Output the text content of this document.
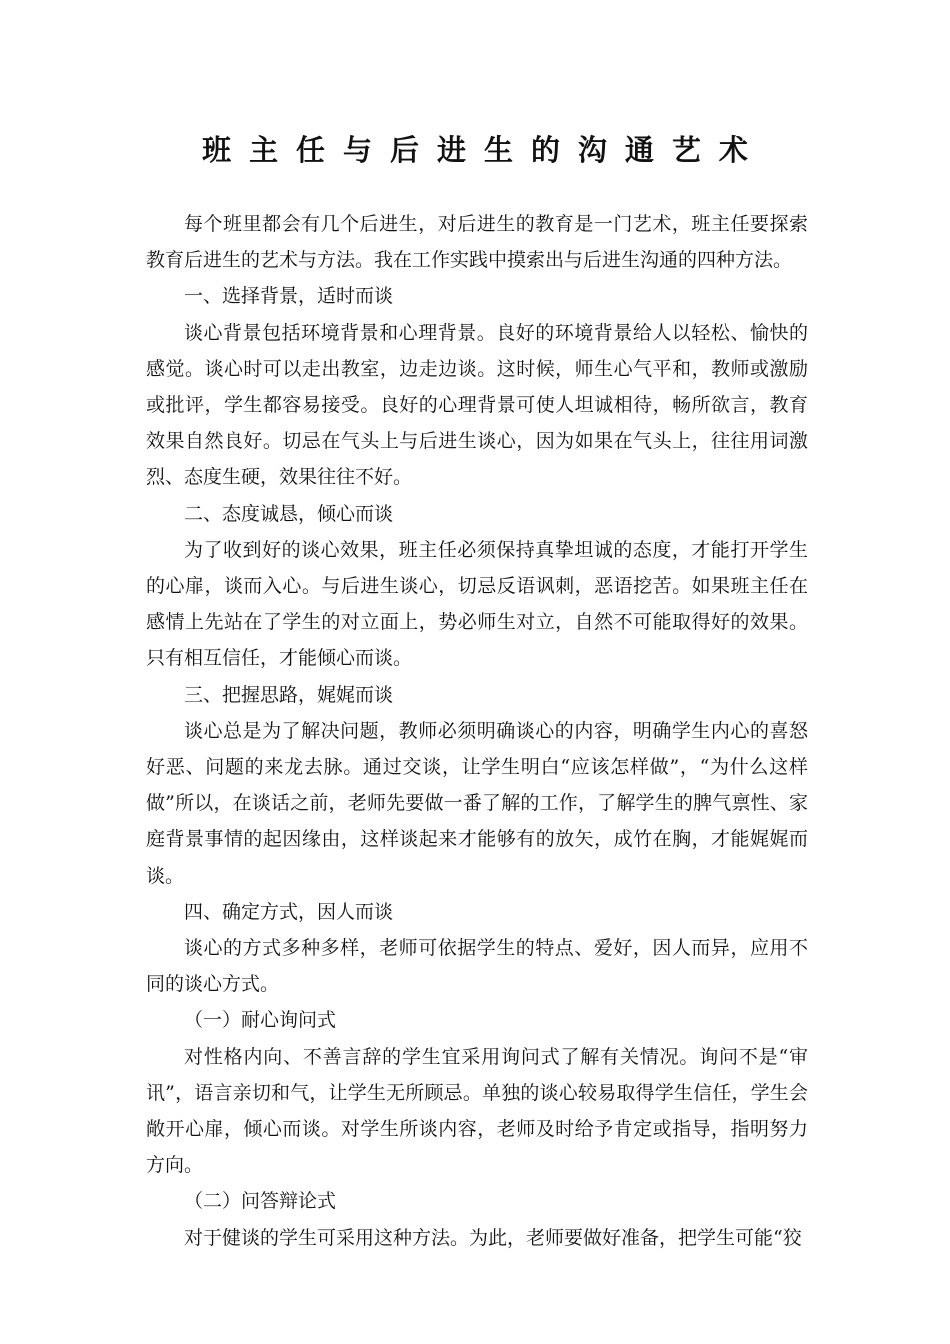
班主任与后进生的沟通艺术

每个班里都会有几个后进生，对后进生的教育是一门艺术，班主任要探索教育后进生的艺术与方法。我在工作实践中摸索出与后进生沟通的四种方法。

一、选择背景，适时而谈

谈心背景包括环境背景和心理背景。良好的环境背景给人以轻松、愉快的感觉。谈心时可以走出教室，边走边谈。这时候，师生心气平和，教师或激励或批评，学生都容易接受。良好的心理背景可使人坦诚相待，畅所欲言，教育效果自然良好。切忌在气头上与后进生谈心，因为如果在气头上，往往用词激烈、态度生硬，效果往往不好。

二、态度诚恳，倾心而谈

为了收到好的谈心效果，班主任必须保持真挚坦诚的态度，才能打开学生的心扉，谈而入心。与后进生谈心，切忌反语讽刺，恶语挖苦。如果班主任在感情上先站在了学生的对立面上，势必师生对立，自然不可能取得好的效果。只有相互信任，才能倾心而谈。

三、把握思路，娓娓而谈

谈心总是为了解决问题，教师必须明确谈心的内容，明确学生内心的喜怒好恶、问题的来龙去脉。通过交谈，让学生明白“应该怎样做”，“为什么这样做”所以，在谈话之前，老师先要做一番了解的工作，了解学生的脾气禀性、家庭背景事情的起因缘由，这样谈起来才能够有的放矢，成竹在胸，才能娓娓而谈。

四、确定方式，因人而谈

谈心的方式多种多样，老师可依据学生的特点、爱好，因人而异，应用不同的谈心方式。

（一）耐心询问式

对性格内向、不善言辞的学生宜采用询问式了解有关情况。询问不是“审讯”，语言亲切和气，让学生无所顾忌。单独的谈心较易取得学生信任，学生会敞开心扉，倾心而谈。对学生所谈内容，老师及时给予肯定或指导，指明努力方向。

（二）问答辩论式

对于健谈的学生可采用这种方法。为此，老师要做好准备，把学生可能“狡
